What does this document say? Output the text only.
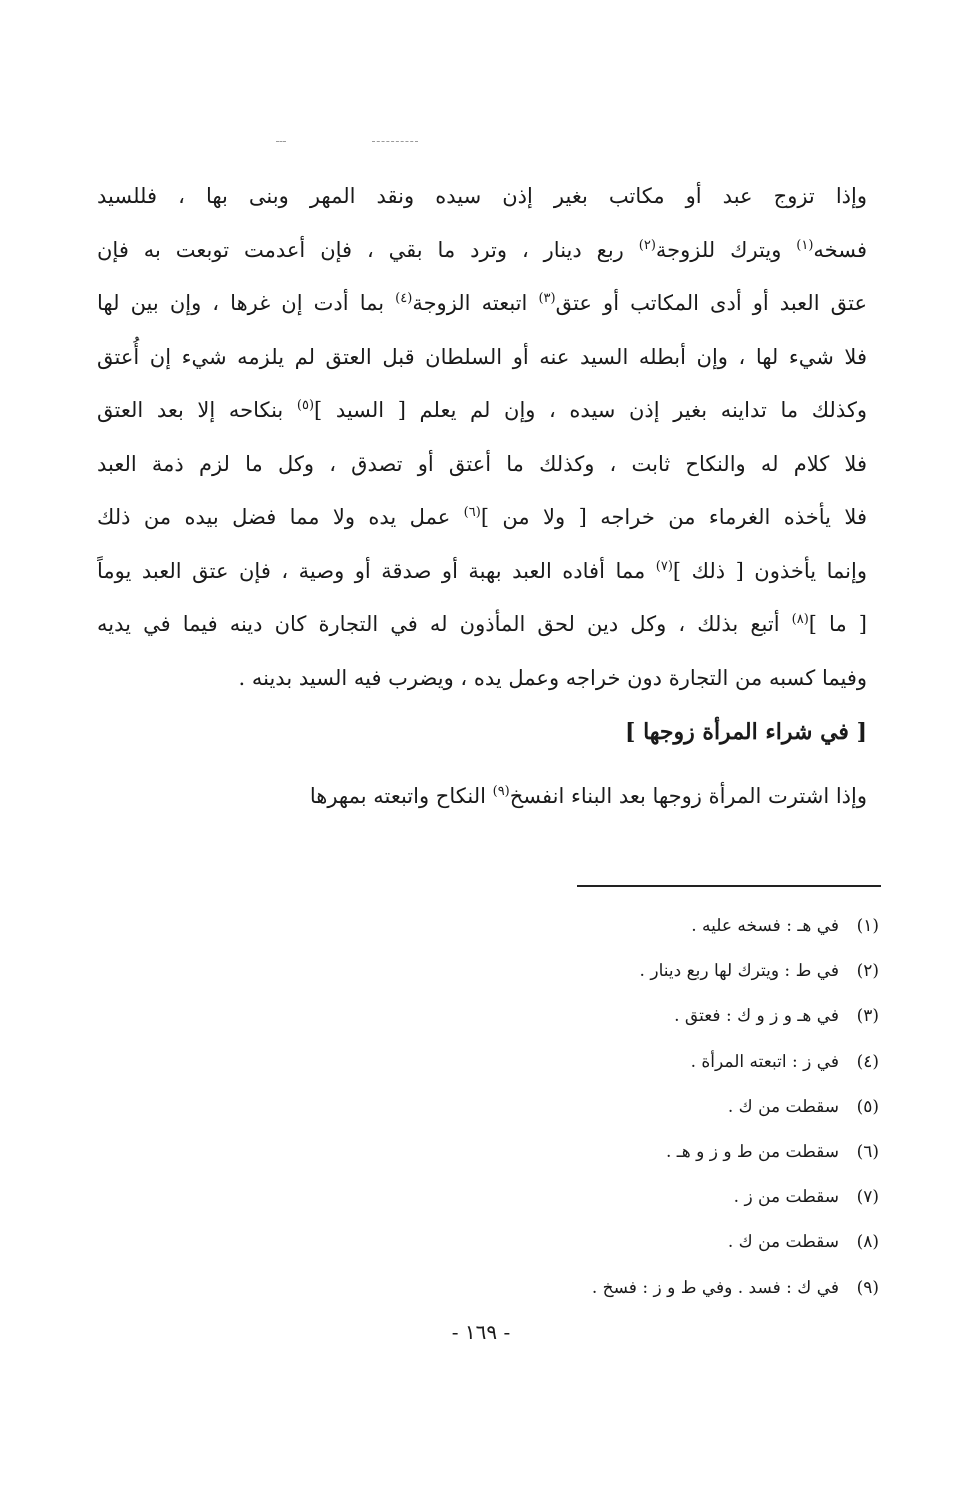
وإذا تزوج عبد أو مكاتب بغير إذن سيده ونقد المهر وبنى بها ، فللسيد
فسخه$^{(١)}$ ويترك للزوجة$^{(٢)}$ ربع دينار ، وترد ما بقي ، فإن أعدمت توبعت به فإن
عتق العبد أو أدى المكاتب أو عتق$^{(٣)}$ اتبعته الزوجة$^{(٤)}$ بما أدت إن غرها ، وإن بين لها
فلا شيء لها ، وإن أبطله السيد عنه أو السلطان قبل العتق لم يلزمه شيء إن أُعتق
وكذلك ما تداينه بغير إذن سيده ، وإن لم يعلم [ السيد ]$^{(٥)}$ بنكاحه إلا بعد العتق
فلا كلام له والنكاح ثابت ، وكذلك ما أعتق أو تصدق ، وكل ما لزم ذمة العبد
فلا يأخذه الغرماء من خراجه [ ولا من ]$^{(٦)}$ عمل يده ولا مما فضل بيده من ذلك
وإنما يأخذون [ ذلك ]$^{(٧)}$ مما أفاده العبد بهبة أو صدقة أو وصية ، فإن عتق العبد يوماً
[ ما ]$^{(٨)}$ أتبع بذلك ، وكل دين لحق المأذون له في التجارة كان دينه فيما في يديه
وفيما كسبه من التجارة دون خراجه وعمل يده ، ويضرب فيه السيد بدينه .
[ في شراء المرأة زوجها ]
وإذا اشترت المرأة زوجها بعد البناء انفسخ$^{(٩)}$ النكاح واتبعته بمهرها
(١)في هـ : فسخه عليه .
(٢)في ط : ويترك لها ربع دينار .
(٣)في هـ و ز و ك : فعتق .
(٤)في ز : اتبعته المرأة .
(٥)سقطت من ك .
(٦)سقطت من ط و ز و هـ .
(٧)سقطت من ز .
(٨)سقطت من ك .
(٩)في ك : فسد . وفي ط و ز : فسخ .
- ١٦٩ -
